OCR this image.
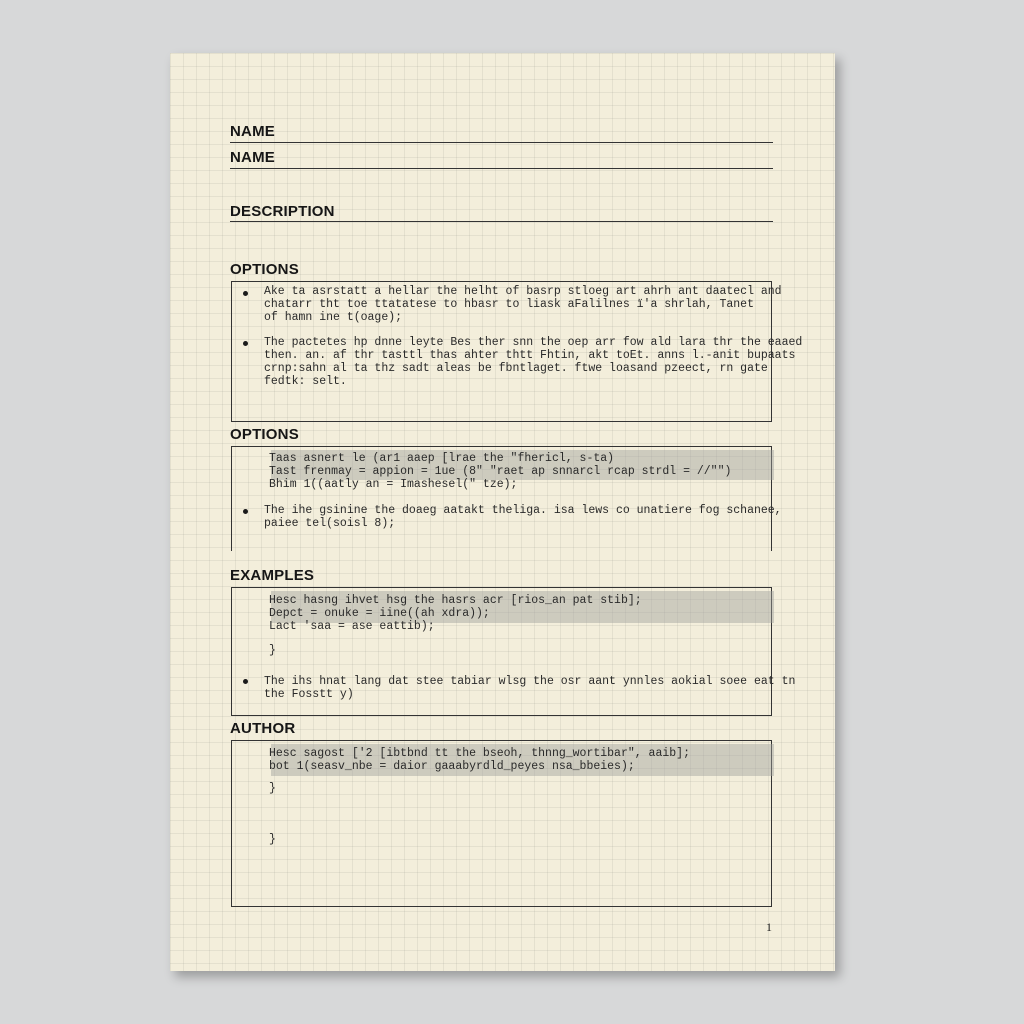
NAME
NAME
DESCRIPTION
OPTIONS
Ake ta asrstatt a hellar the helht of basrp stloeg art ahrh ant daatecl and
chatarr tht toe ttatatese to hbasr to liask aFalilnes ï'a shrlah, Tanet
of hamn ine t(oage);
The pactetes hp dnne leyte Bes ther snn the oep arr fow ald lara thr the eaaed
then. an. af thr tasttl thas ahter thtt Fhtin, akt toEt. anns l.-anit bupaats
crnp:sahn al ta thz sadt aleas be fbntlaget. ftwe loasand pzeect, rn gate
fedtk: selt.
OPTIONS
Taas asnert le (ar1 aaep [lrae the "fhericl, s-ta)
Tast frenmay = appion = 1ue (8" "raet ap snnarcl rcap strdl = //"")
Bhim 1((aatly an = Imashesel(" tze);
The ihe gsinine the doaeg aatakt theliga. isa lews co unatiere fog schanee,
paiee tel(soisl 8);
EXAMPLES
Hesc hasng ihvet hsg the hasrs acr [rios_an pat stib];
Depct = onuke = iine((ah xdra));
Lact 'saa = ase eattib);
}
The ihs hnat lang dat stee tabiar wlsg the osr aant ynnles aokial soee eat tn
the Fosstt y)
AUTHOR
Hesc sagost ['2 [ibtbnd tt the bseoh, thnng_wortibar", aaib];
bot 1(seasv_nbe = daior gaaabyrdld_peyes nsa_bbeies);
}
}
1
